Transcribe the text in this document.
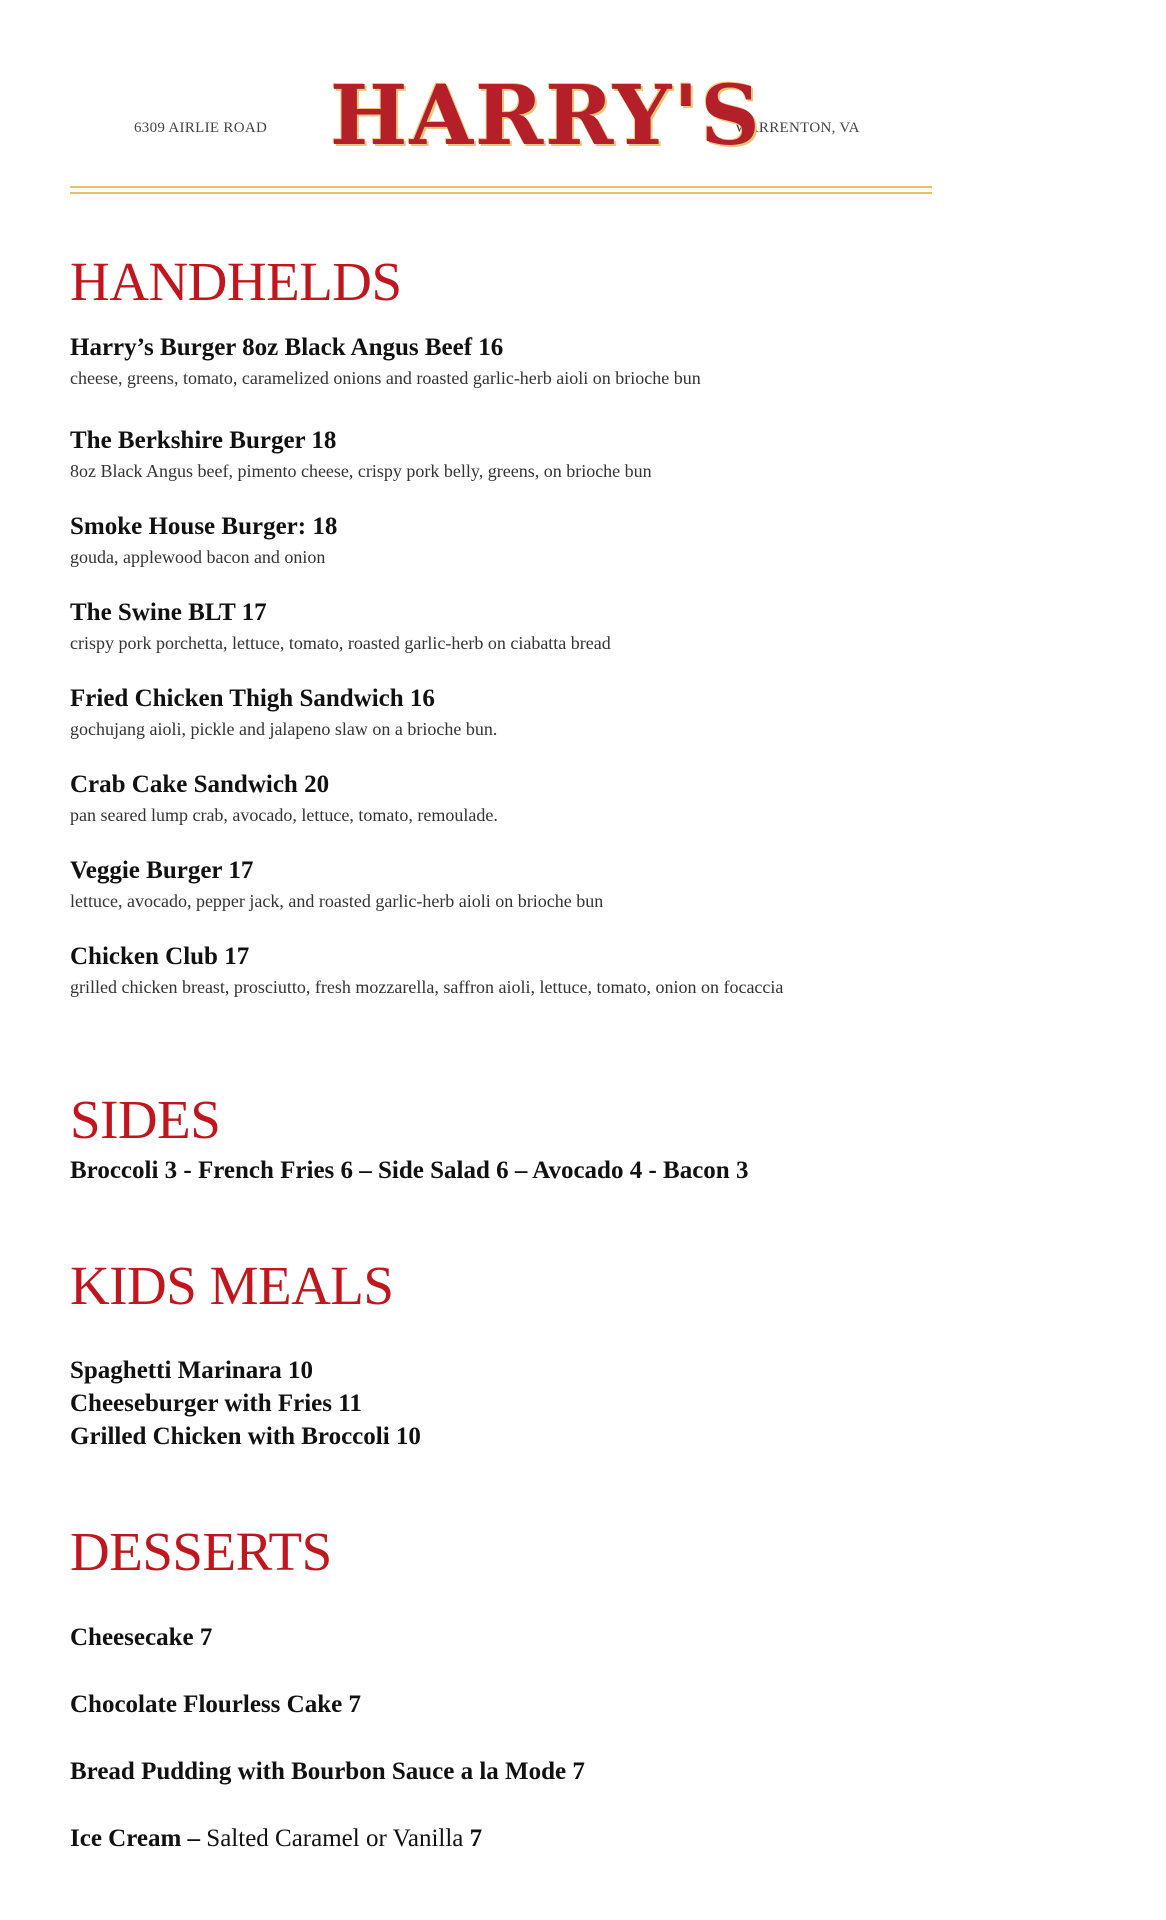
6309 AIRLIE ROAD	WARRENTON, VA
HARRY'S
HANDHELDS
Harry’s Burger 8oz Black Angus Beef 16
cheese, greens, tomato, caramelized onions and roasted garlic-herb aioli on brioche bun
The Berkshire Burger 18
8oz Black Angus beef, pimento cheese, crispy pork belly, greens, on brioche bun
Smoke House Burger: 18
gouda, applewood bacon and onion
The Swine BLT 17
crispy pork porchetta, lettuce, tomato, roasted garlic-herb on ciabatta bread
Fried Chicken Thigh Sandwich 16
gochujang aioli, pickle and jalapeno slaw on a brioche bun.
Crab Cake Sandwich 20
pan seared lump crab, avocado, lettuce, tomato, remoulade.
Veggie Burger 17
lettuce, avocado, pepper jack, and roasted garlic-herb aioli on brioche bun
Chicken Club 17
grilled chicken breast, prosciutto, fresh mozzarella, saffron aioli, lettuce, tomato, onion on focaccia
SIDES
Broccoli 3 - French Fries 6 – Side Salad 6 – Avocado 4 - Bacon 3
KIDS MEALS
Spaghetti Marinara 10
Cheeseburger with Fries 11
Grilled Chicken with Broccoli 10
DESSERTS
Cheesecake 7
Chocolate Flourless Cake 7
Bread Pudding with Bourbon Sauce a la Mode 7
Ice Cream – Salted Caramel or Vanilla 7
